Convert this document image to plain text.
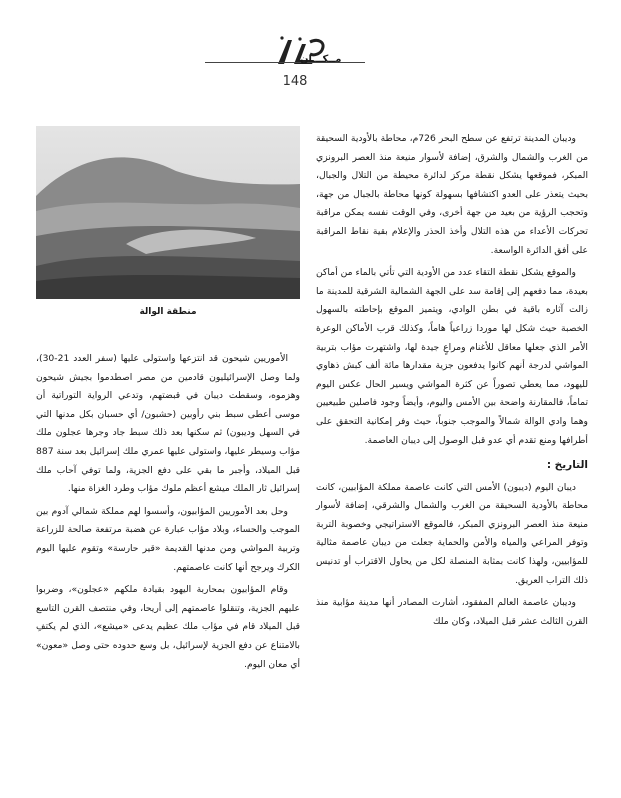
مــكـــان
148
منطقة الوالة

وديبان المدينة ترتفع عن سطح البحر 726م، محاطة بالأودية السحيقة من الغرب والشمال والشرق، إضافة لأسوار منيعة منذ العصر البرونزي المبكر، فموقعها يشكل نقطة مركز لدائرة محيطة من التلال والجبال، بحيث يتعذر على العدو اكتشافها بسهولة كونها محاطة بالجبال من جهة، وتحجب الرؤية من بعيد من جهة أخرى، وفي الوقت نفسه يمكن مراقبة تحركات الأعداء من هذه التلال وأخذ الحذر والإعلام بقية نقاط المراقبة على أفق الدائرة الواسعة.

والموقع يشكل نقطة التقاء عدد من الأودية التي تأتي بالماء من أماكن بعيدة، مما دفعهم إلى إقامة سد على الجهة الشمالية الشرقية للمدينة ما زالت آثاره باقية في بطن الوادي، ويتميز الموقع بإحاطته بالسهول الخصبة حيث شكل لها موردا زراعياً هاماً، وكذلك قرب الأماكن الوعرة الأمر الذي جعلها معاقل للأغنام ومراعٍ جيدة لها، واشتهرت مؤاب بتربية المواشي لدرجة أنهم كانوا يدفعون جزية مقدارها مائة ألف كبش ذهاوي لليهود، مما يعطي تصوراً عن كثرة المواشي ويسير الحال عكس اليوم تماماً، فالمقارنة واضحة بين الأمس واليوم، وأيضاً وجود فاصلين طبيعيين وهما وادي الوالة شمالاً والموجب جنوباً، حيث وفر إمكانية التحقق على أطرافها ومنع تقدم أي عدو قبل الوصول إلى ديبان العاصمة.

التاريخ :

ديبان اليوم (ديبون) الأمس التي كانت عاصمة مملكة المؤابيين، كانت محاطة بالأودية السحيقة من الغرب والشمال والشرقي، إضافة لأسوار منيعة منذ العصر البرونزي المبكر، فالموقع الاستراتيجي وخصوبة التربة وتوفر المراعي والمياه والأمن والحماية جعلت من ديبان عاصمة مثالية للمؤابيين، ولهذا كانت بمثابة المنصلة لكل من يحاول الاقتراب أو تدنيس ذلك التراب العريق.

وديبان عاصمة العالم المفقود، أشارت المصادر أنها مدينة مؤابية منذ القرن الثالث عشر قبل الميلاد، وكان ملك

الأموريين شيحون قد انتزعها واستولى عليها (سفر العدد 21-30)، ولما وصل الإسرائيليون قادمين من مصر اصطدموا بجيش شيحون وهزموه، وسقطت ديبان في قبضتهم، وتدعي الرواية التوراتية أن موسى أعطى سبط بني رأوبين (حشبون/ أي حسبان بكل مدنها التي في السهل وديبون) ثم سكنها بعد ذلك سبط جاد وجرها عجلون ملك مؤاب وسيطر عليها، واستولى عليها عمري ملك إسرائيل بعد سنة 887 قبل الميلاد، وأجبر ما بقي على دفع الجزية، ولما توفي آحاب ملك إسرائيل ثار الملك ميشع أعظم ملوك مؤاب وطرد الغزاة منها.

وحل بعد الأموريين المؤابيون، وأسسوا لهم مملكة شمالي آدوم بين الموجب والحساء، وبلاد مؤاب عبارة عن هضبة مرتفعة صالحة للزراعة وتربية المواشي ومن مدنها القديمة «قير حارسة» وتقوم عليها اليوم الكرك ويرجح أنها كانت عاصمتهم.

وقام المؤابيون بمحاربة اليهود بقيادة ملكهم «عجلون»، وضربوا عليهم الجزية، وتنقلوا عاصمتهم إلى أريحا، وفي منتصف القرن التاسع قبل الميلاد قام في مؤاب ملك عظيم يدعى «ميشع»، الذي لم يكتفِ بالامتناع عن دفع الجزية لإسرائيل، بل وسع حدوده حتى وصل «معون» أي معان اليوم.
